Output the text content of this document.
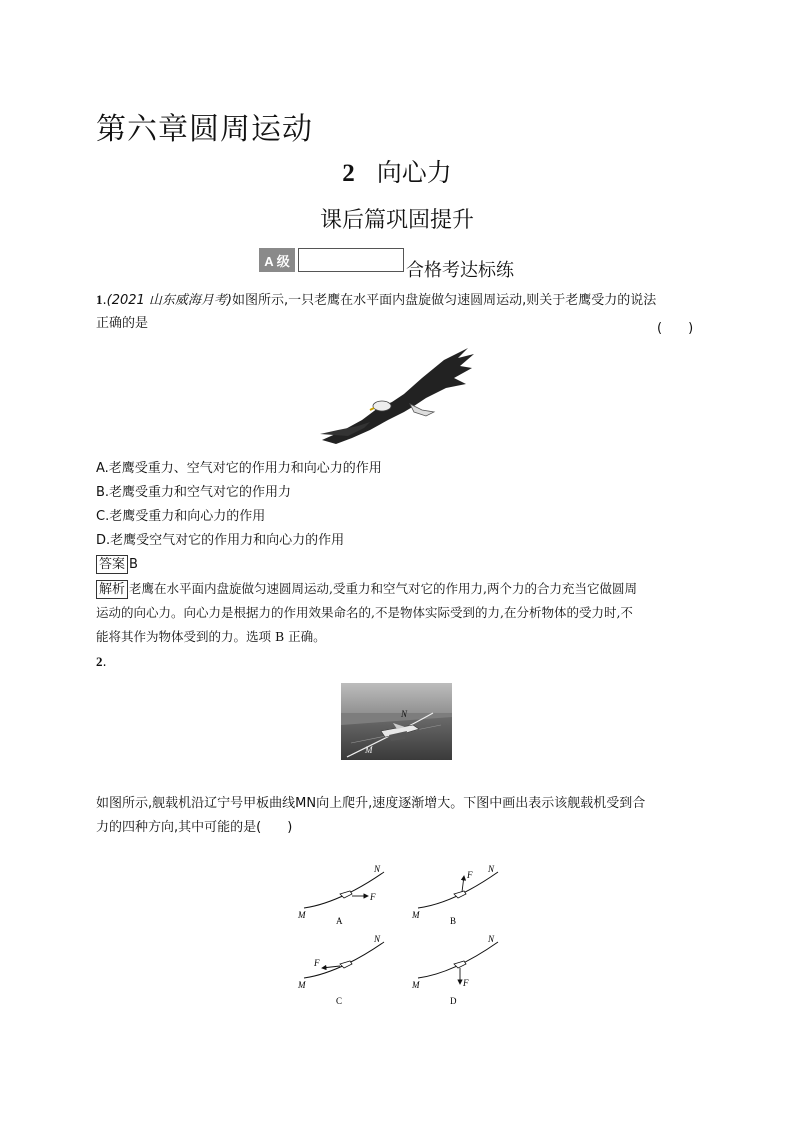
第六章圆周运动
2 向心力
课后篇巩固提升
A 级	合格考达标练
1.(2021 山东威海月考)如图所示,一只老鹰在水平面内盘旋做匀速圆周运动,则关于老鹰受力的说法
正确的是	(　　)
A.老鹰受重力、空气对它的作用力和向心力的作用
B.老鹰受重力和空气对它的作用力
C.老鹰受重力和向心力的作用
D.老鹰受空气对它的作用力和向心力的作用
答案 B
解析 老鹰在水平面内盘旋做匀速圆周运动,受重力和空气对它的作用力,两个力的合力充当它做圆周
运动的向心力。向心力是根据力的作用效果命名的,不是物体实际受到的力,在分析物体的受力时,不
能将其作为物体受到的力。选项 B 正确。
2.
N
M
如图所示,舰载机沿辽宁号甲板曲线MN向上爬升,速度逐渐增大。下图中画出表示该舰载机受到合
力的四种方向,其中可能的是(　　)
F
M
N
A
F
M
N
B
F
M
N
C
F
M
N
D
